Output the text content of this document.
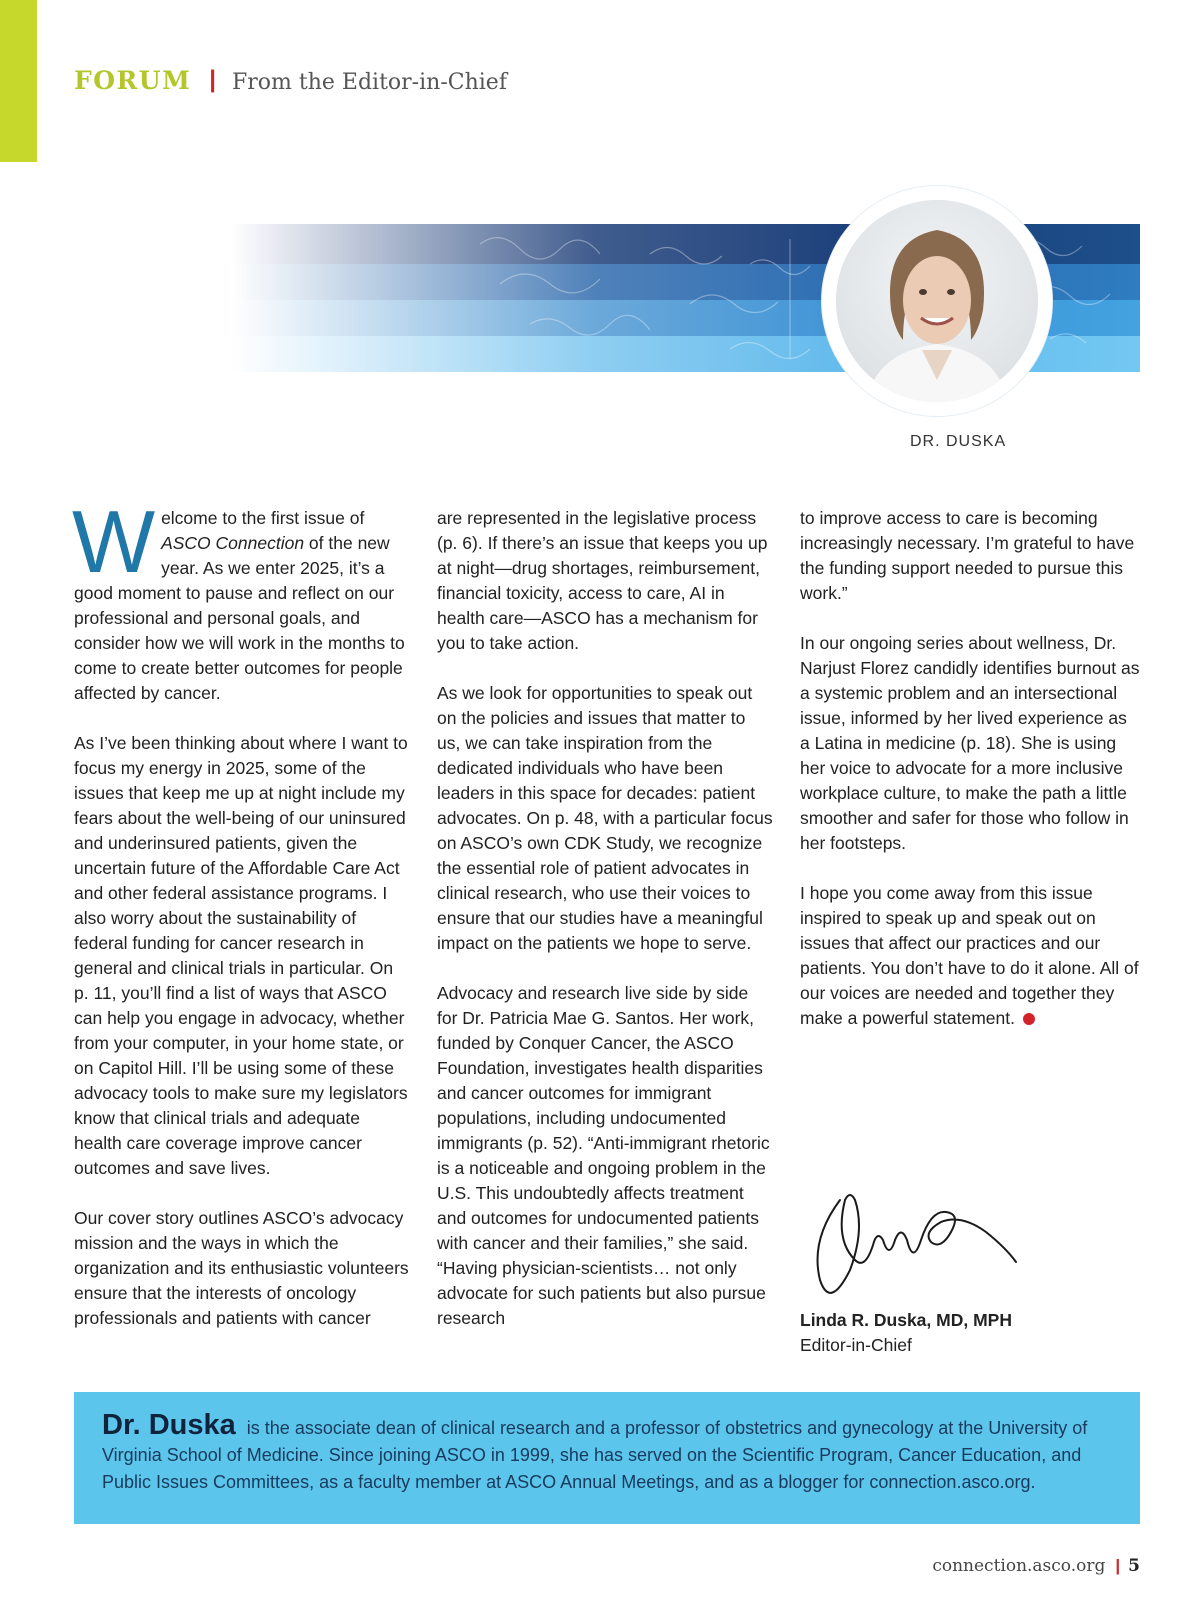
FORUM | From the Editor-in-Chief
DR. DUSKA

Welcome to the first issue of ASCO Connection of the new year. As we enter 2025, it’s a good moment to pause and reflect on our professional and personal goals, and consider how we will work in the months to come to create better outcomes for people affected by cancer.

As I’ve been thinking about where I want to focus my energy in 2025, some of the issues that keep me up at night include my fears about the well-being of our uninsured and underinsured patients, given the uncertain future of the Affordable Care Act and other federal assistance programs. I also worry about the sustainability of federal funding for cancer research in general and clinical trials in particular. On p. 11, you’ll find a list of ways that ASCO can help you engage in advocacy, whether from your computer, in your home state, or on Capitol Hill. I’ll be using some of these advocacy tools to make sure my legislators know that clinical trials and adequate health care coverage improve cancer outcomes and save lives.

Our cover story outlines ASCO’s advocacy mission and the ways in which the organization and its enthusiastic volunteers ensure that the interests of oncology professionals and patients with cancer

are represented in the legislative process (p. 6). If there’s an issue that keeps you up at night—drug shortages, reimbursement, financial toxicity, access to care, AI in health care—ASCO has a mechanism for you to take action.

As we look for opportunities to speak out on the policies and issues that matter to us, we can take inspiration from the dedicated individuals who have been leaders in this space for decades: patient advocates. On p. 48, with a particular focus on ASCO’s own CDK Study, we recognize the essential role of patient advocates in clinical research, who use their voices to ensure that our studies have a meaningful impact on the patients we hope to serve.

Advocacy and research live side by side for Dr. Patricia Mae G. Santos. Her work, funded by Conquer Cancer, the ASCO Foundation, investigates health disparities and cancer outcomes for immigrant populations, including undocumented immigrants (p. 52). “Anti-immigrant rhetoric is a noticeable and ongoing problem in the U.S. This undoubtedly affects treatment and outcomes for undocumented patients with cancer and their families,” she said. “Having physician-scientists… not only advocate for such patients but also pursue research

to improve access to care is becoming increasingly necessary. I’m grateful to have the funding support needed to pursue this work.”

In our ongoing series about wellness, Dr. Narjust Florez candidly identifies burnout as a systemic problem and an intersectional issue, informed by her lived experience as a Latina in medicine (p. 18). She is using her voice to advocate for a more inclusive workplace culture, to make the path a little smoother and safer for those who follow in her footsteps.

I hope you come away from this issue inspired to speak up and speak out on issues that affect our practices and our patients. You don’t have to do it alone. All of our voices are needed and together they make a powerful statement.

Linda R. Duska, MD, MPH
Editor-in-Chief
Dr. Duska is the associate dean of clinical research and a professor of obstetrics and gynecology at the University of Virginia School of Medicine. Since joining ASCO in 1999, she has served on the Scientific Program, Cancer Education, and Public Issues Committees, as a faculty member at ASCO Annual Meetings, and as a blogger for connection.asco.org.
connection.asco.org | 5
